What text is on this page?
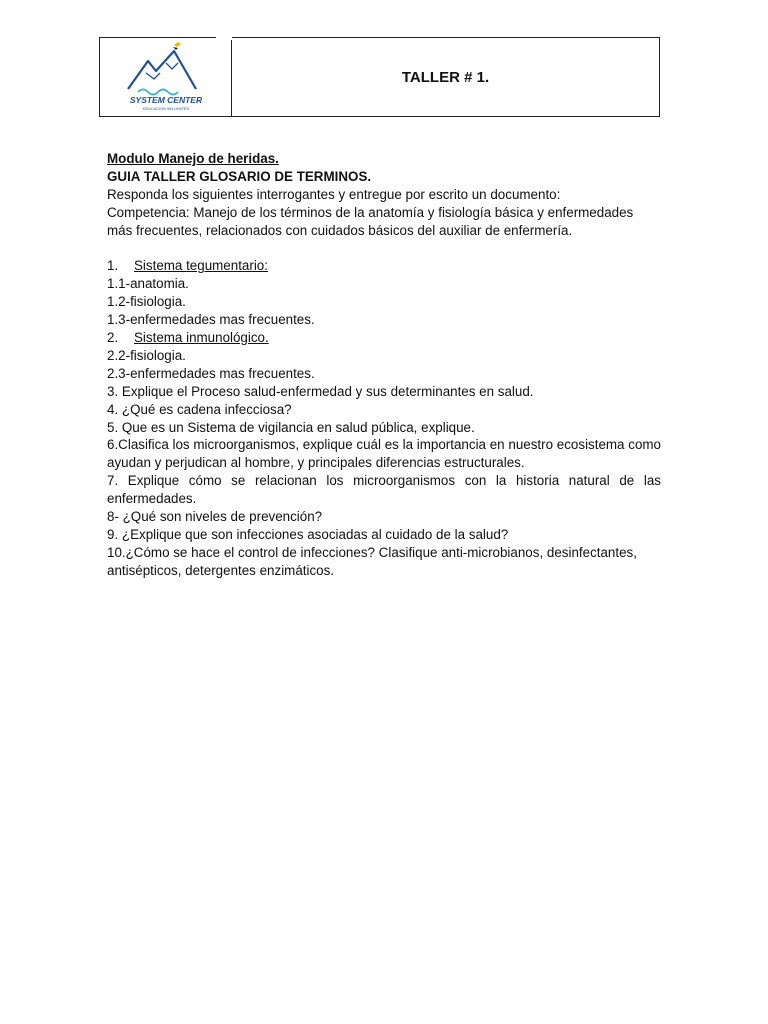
SYSTEM CENTER
EDUCACIÓN SIN LÍMITES
TALLER # 1.
Modulo Manejo de heridas.
GUIA TALLER GLOSARIO DE TERMINOS.
Responda los siguientes interrogantes y entregue por escrito un documento:
Competencia: Manejo de los términos de la anatomía y fisiología básica y enfermedades más frecuentes, relacionados con cuidados básicos del auxiliar de enfermería.
1. Sistema tegumentario:
1.1-anatomia.
1.2-fisiologia.
1.3-enfermedades mas frecuentes.
2. Sistema inmunológico.
2.2-fisiologia.
2.3-enfermedades mas frecuentes.
3. Explique el Proceso salud-enfermedad y sus determinantes en salud.
4. ¿Qué es cadena infecciosa?
5. Que es un Sistema de vigilancia en salud pública, explique.
6.Clasifica los microorganismos, explique cuál es la importancia en nuestro ecosistema como ayudan y perjudican al hombre, y principales diferencias estructurales.
7. Explique cómo se relacionan los microorganismos con la historia natural de las enfermedades.
8- ¿Qué son niveles de prevención?
9. ¿Explique que son infecciones asociadas al cuidado de la salud?
10.¿Cómo se hace el control de infecciones? Clasifique anti-microbianos, desinfectantes, antisépticos, detergentes enzimáticos.
